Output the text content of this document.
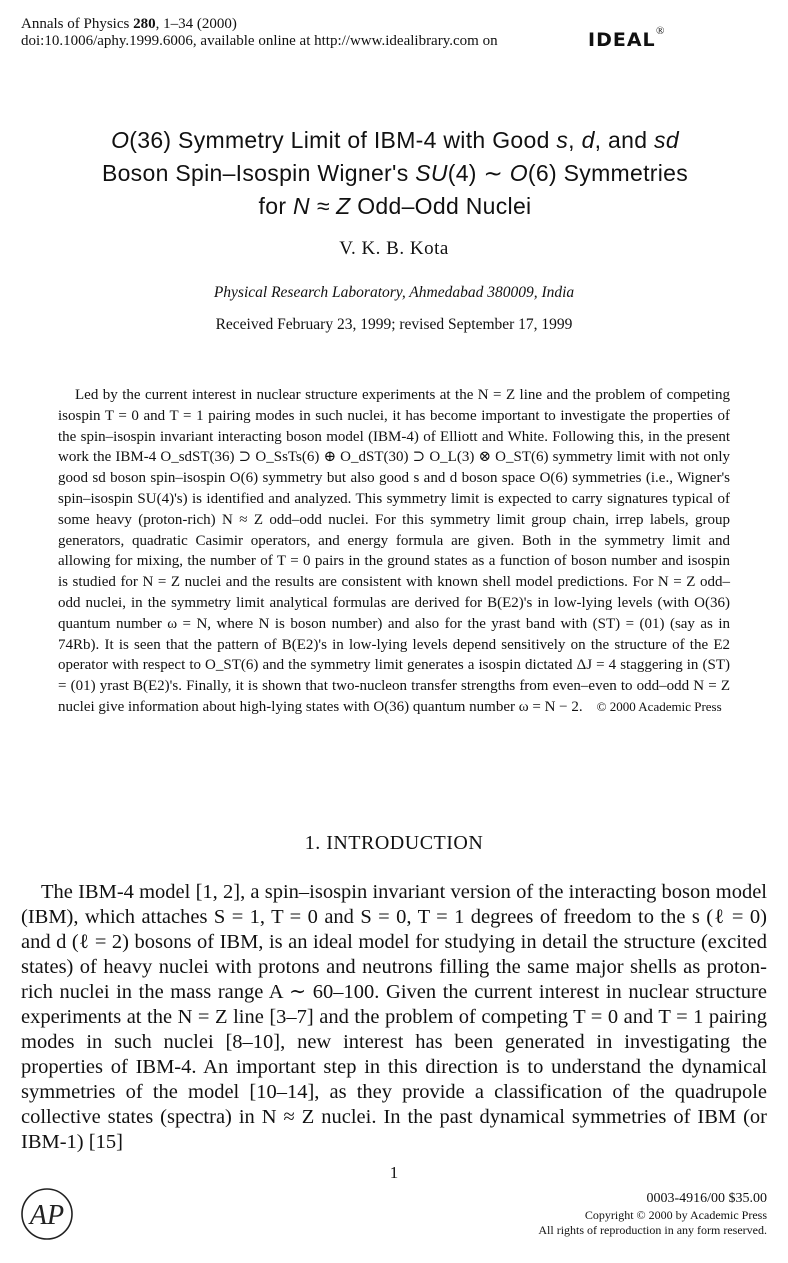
Annals of Physics 280, 1–34 (2000)
doi:10.1006/aphy.1999.6006, available online at http://www.idealibrary.com on	IDEAL ®
O(36) Symmetry Limit of IBM-4 with Good s, d, and sd
Boson Spin–Isospin Wigner's SU(4) ∼ O(6) Symmetries
for N ≈ Z Odd–Odd Nuclei
V. K. B. Kota
Physical Research Laboratory, Ahmedabad 380009, India
Received February 23, 1999; revised September 17, 1999
Led by the current interest in nuclear structure experiments at the N = Z line and the problem of competing isospin T = 0 and T = 1 pairing modes in such nuclei, it has become important to investigate the properties of the spin–isospin invariant interacting boson model (IBM-4) of Elliott and White. Following this, in the present work the IBM-4 O_sdST(36) ⊃ O_SsTs(6) ⊕ O_dST(30) ⊃ O_L(3) ⊗ O_ST(6) symmetry limit with not only good sd boson spin–isospin O(6) symmetry but also good s and d boson space O(6) symmetries (i.e., Wigner's spin–isospin SU(4)'s) is identified and analyzed. This symmetry limit is expected to carry signatures typical of some heavy (proton-rich) N ≈ Z odd–odd nuclei. For this symmetry limit group chain, irrep labels, group generators, quadratic Casimir operators, and energy formula are given. Both in the symmetry limit and allowing for mixing, the number of T = 0 pairs in the ground states as a function of boson number and isospin is studied for N = Z nuclei and the results are consistent with known shell model predictions. For N = Z odd–odd nuclei, in the symmetry limit analytical formulas are derived for B(E2)'s in low-lying levels (with O(36) quantum number ω = N, where N is boson number) and also for the yrast band with (ST) = (01) (say as in 74Rb). It is seen that the pattern of B(E2)'s in low-lying levels depend sensitively on the structure of the E2 operator with respect to O_ST(6) and the symmetry limit generates a isospin dictated ΔJ = 4 staggering in (ST) = (01) yrast B(E2)'s. Finally, it is shown that two-nucleon transfer strengths from even–even to odd–odd N = Z nuclei give information about high-lying states with O(36) quantum number ω = N − 2. © 2000 Academic Press
1. INTRODUCTION
The IBM-4 model [1, 2], a spin–isospin invariant version of the interacting boson model (IBM), which attaches S = 1, T = 0 and S = 0, T = 1 degrees of freedom to the s (ℓ = 0) and d (ℓ = 2) bosons of IBM, is an ideal model for studying in detail the structure (excited states) of heavy nuclei with protons and neutrons filling the same major shells as proton-rich nuclei in the mass range A ∼ 60–100. Given the current interest in nuclear structure experiments at the N = Z line [3–7] and the problem of competing T = 0 and T = 1 pairing modes in such nuclei [8–10], new interest has been generated in investigating the properties of IBM-4. An important step in this direction is to understand the dynamical symmetries of the model [10–14], as they provide a classification of the quadrupole collective states (spectra) in N ≈ Z nuclei. In the past dynamical symmetries of IBM (or IBM-1) [15]
1
AP
0003-4916/00 $35.00
Copyright © 2000 by Academic Press
All rights of reproduction in any form reserved.
